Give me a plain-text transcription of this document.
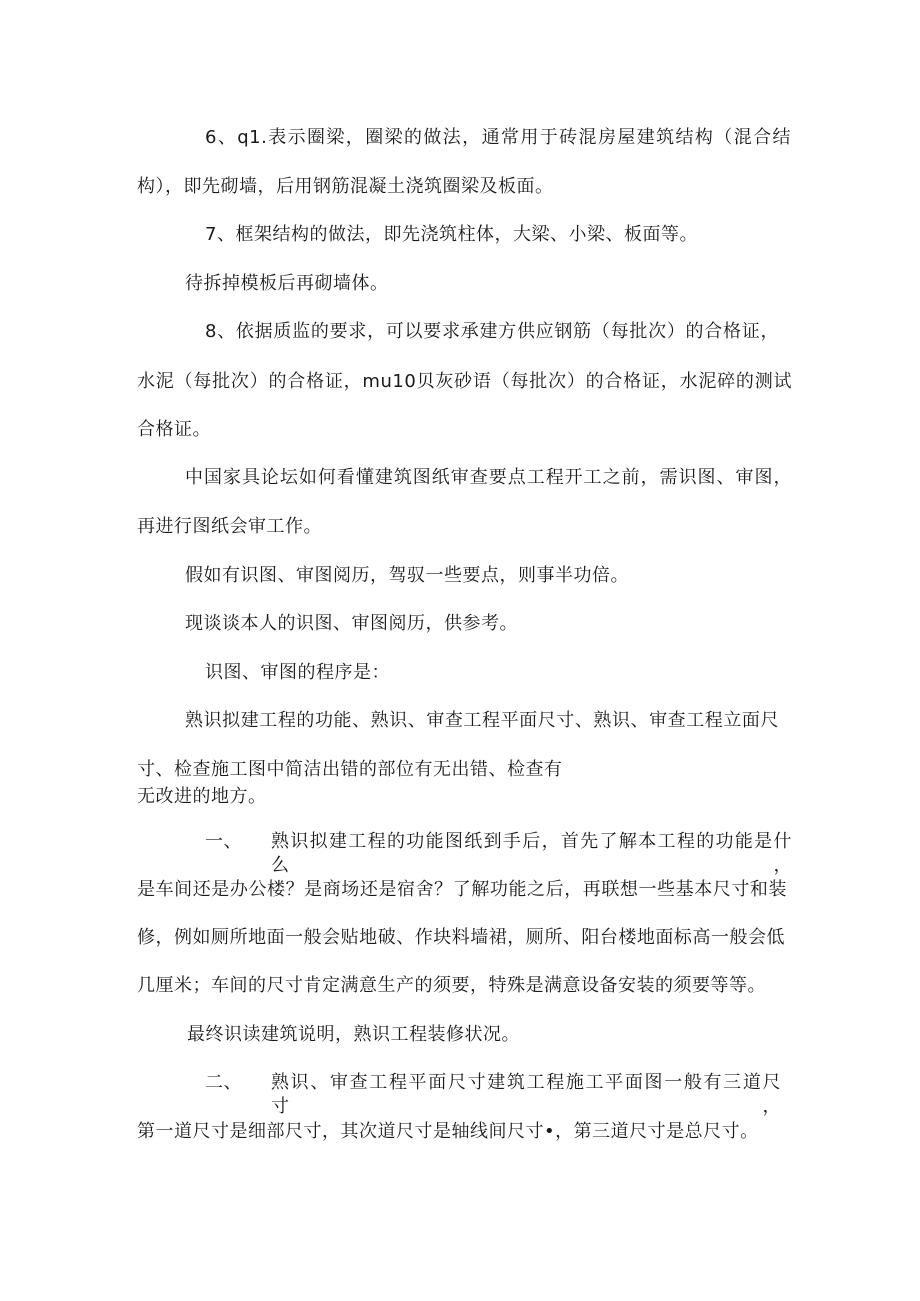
6、q1.表示圈梁，圈梁的做法，通常用于砖混房屋建筑结构（混合结
构），即先砌墙，后用钢筋混凝土浇筑圈梁及板面。
7、框架结构的做法，即先浇筑柱体，大梁、小梁、板面等。
待拆掉模板后再砌墙体。
8、依据质监的要求，可以要求承建方供应钢筋（每批次）的合格证，
水泥（每批次）的合格证，mu10贝灰砂语（每批次）的合格证，水泥碎的测试
合格证。
中国家具论坛如何看懂建筑图纸审查要点工程开工之前，需识图、审图，
再进行图纸会审工作。
假如有识图、审图阅历，驾驭一些要点，则事半功倍。
现谈谈本人的识图、审图阅历，供参考。
识图、审图的程序是：
熟识拟建工程的功能、熟识、审查工程平面尺寸、熟识、审查工程立面尺
寸、检查施工图中简洁出错的部位有无出错、检查有
无改进的地方。
一、 熟识拟建工程的功能图纸到手后，首先了解本工程的功能是什么，
是车间还是办公楼？是商场还是宿舍？了解功能之后，再联想一些基本尺寸和装
修，例如厕所地面一般会贴地破、作块料墙裙，厕所、阳台楼地面标高一般会低
几厘米；车间的尺寸肯定满意生产的须要，特殊是满意设备安装的须要等等。
最终识读建筑说明，熟识工程装修状况。
二、 熟识、审查工程平面尺寸建筑工程施工平面图一般有三道尺寸，
第一道尺寸是细部尺寸，其次道尺寸是轴线间尺寸•，第三道尺寸是总尺寸。
